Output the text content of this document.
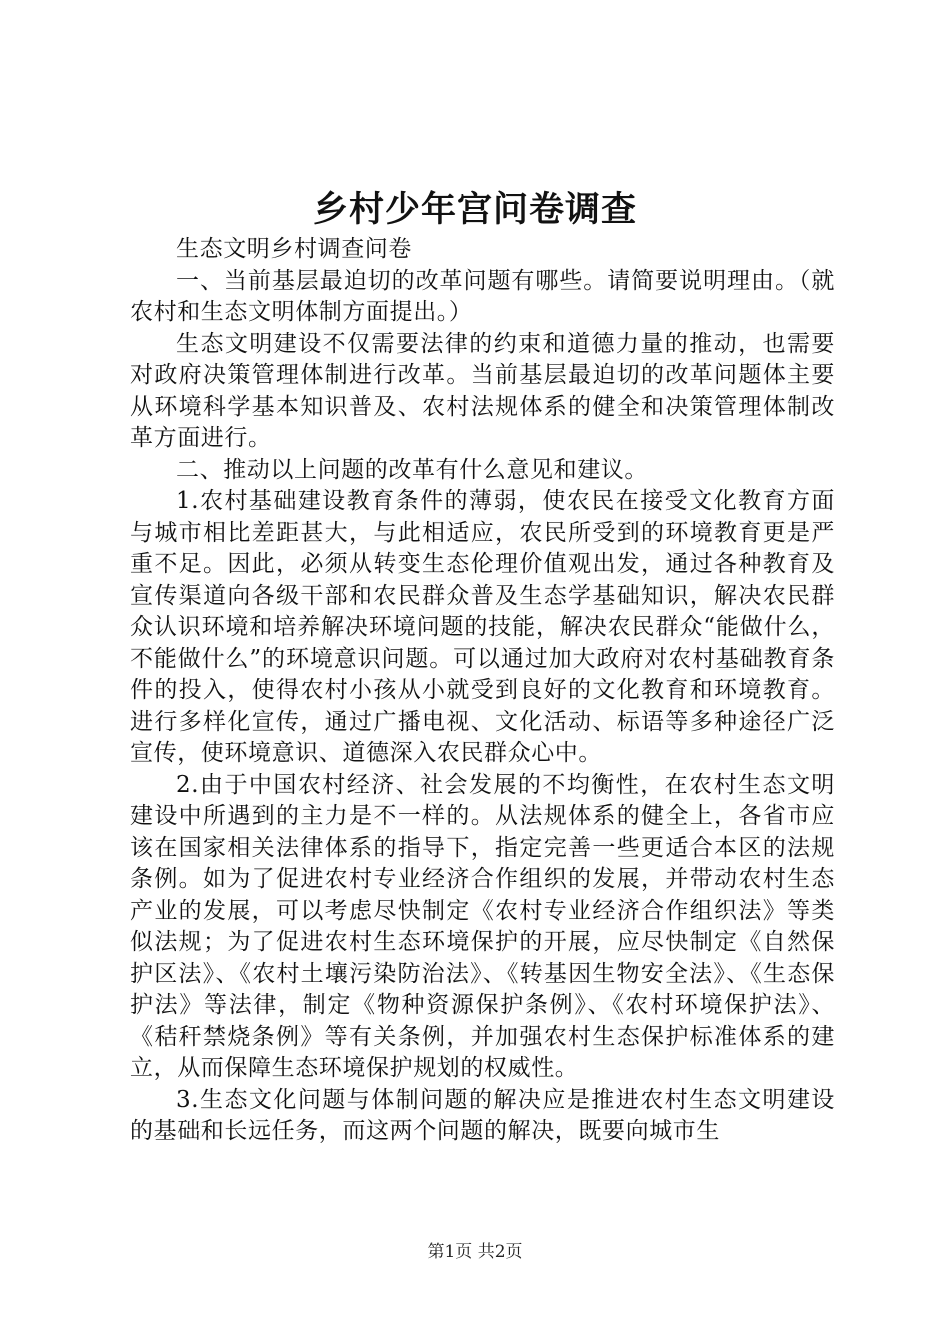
乡村少年宫问卷调查

生态文明乡村调查问卷

一、当前基层最迫切的改革问题有哪些。请简要说明理由。（就农村和生态文明体制方面提出。）

生态文明建设不仅需要法律的约束和道德力量的推动，也需要对政府决策管理体制进行改革。当前基层最迫切的改革问题体主要从环境科学基本知识普及、农村法规体系的健全和决策管理体制改革方面进行。

二、推动以上问题的改革有什么意见和建议。

1.农村基础建设教育条件的薄弱，使农民在接受文化教育方面与城市相比差距甚大，与此相适应，农民所受到的环境教育更是严重不足。因此，必须从转变生态伦理价值观出发，通过各种教育及宣传渠道向各级干部和农民群众普及生态学基础知识，解决农民群众认识环境和培养解决环境问题的技能，解决农民群众“能做什么，不能做什么”的环境意识问题。可以通过加大政府对农村基础教育条件的投入，使得农村小孩从小就受到良好的文化教育和环境教育。进行多样化宣传，通过广播电视、文化活动、标语等多种途径广泛宣传，使环境意识、道德深入农民群众心中。

2.由于中国农村经济、社会发展的不均衡性，在农村生态文明建设中所遇到的主力是不一样的。从法规体系的健全上，各省市应该在国家相关法律体系的指导下，指定完善一些更适合本区的法规条例。如为了促进农村专业经济合作组织的发展，并带动农村生态产业的发展，可以考虑尽快制定《农村专业经济合作组织法》等类似法规；为了促进农村生态环境保护的开展，应尽快制定《自然保护区法》、《农村土壤污染防治法》、《转基因生物安全法》、《生态保护法》等法律，制定《物种资源保护条例》、《农村环境保护法》、《秸秆禁烧条例》等有关条例，并加强农村生态保护标准体系的建立，从而保障生态环境保护规划的权威性。

3.生态文化问题与体制问题的解决应是推进农村生态文明建设的基础和长远任务，而这两个问题的解决，既要向城市生

第1页 共2页
